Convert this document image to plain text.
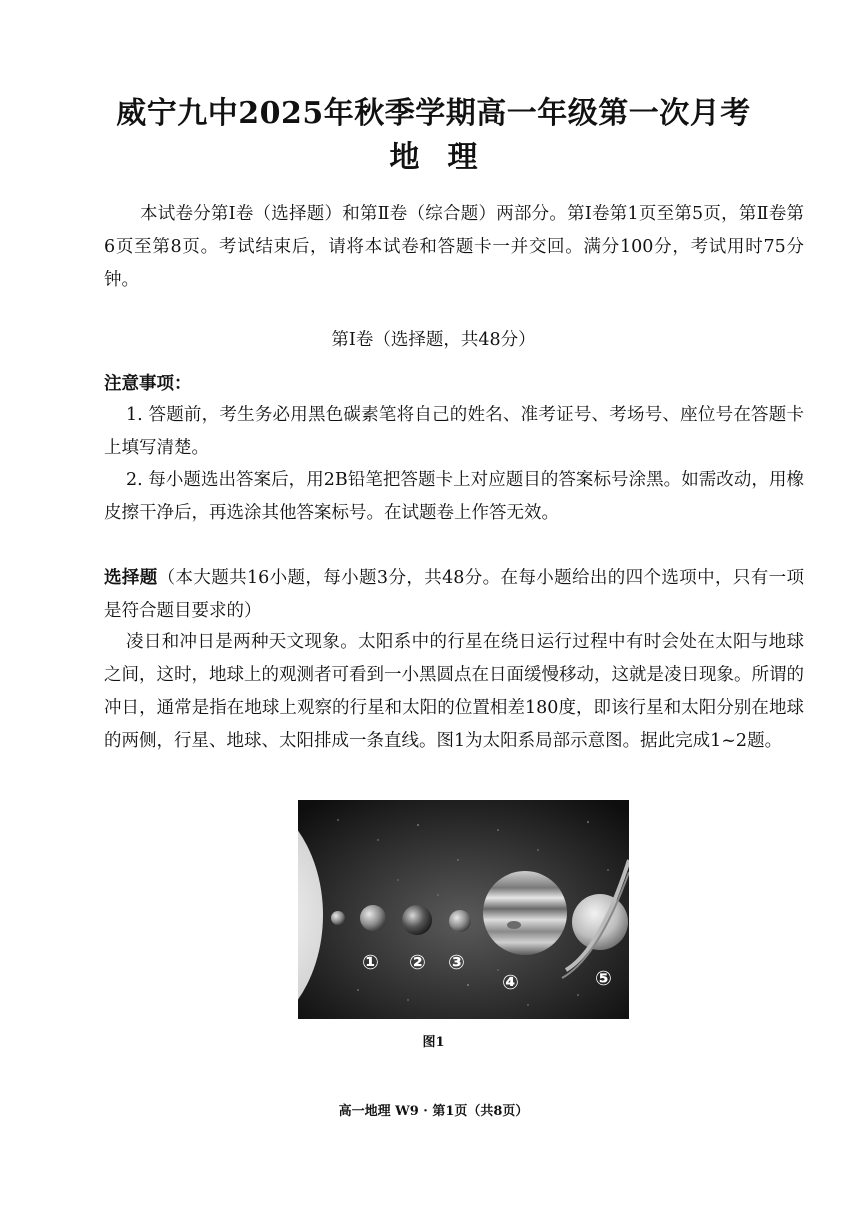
威宁九中2025年秋季学期高一年级第一次月考
地理
本试卷分第Ⅰ卷（选择题）和第Ⅱ卷（综合题）两部分。第Ⅰ卷第1页至第5页，第Ⅱ卷第6页至第8页。考试结束后，请将本试卷和答题卡一并交回。满分100分，考试用时75分钟。
第Ⅰ卷（选择题，共48分）
注意事项：
1. 答题前，考生务必用黑色碳素笔将自己的姓名、准考证号、考场号、座位号在答题卡上填写清楚。
2. 每小题选出答案后，用2B铅笔把答题卡上对应题目的答案标号涂黑。如需改动，用橡皮擦干净后，再选涂其他答案标号。在试题卷上作答无效。
选择题（本大题共16小题，每小题3分，共48分。在每小题给出的四个选项中，只有一项是符合题目要求的）
凌日和冲日是两种天文现象。太阳系中的行星在绕日运行过程中有时会处在太阳与地球之间，这时，地球上的观测者可看到一小黑圆点在日面缓慢移动，这就是凌日现象。所谓的冲日，通常是指在地球上观察的行星和太阳的位置相差180度，即该行星和太阳分别在地球的两侧，行星、地球、太阳排成一条直线。图1为太阳系局部示意图。据此完成1~2题。
① ② ③
④	⑤
图1
高一地理 W9 · 第1页（共8页）
